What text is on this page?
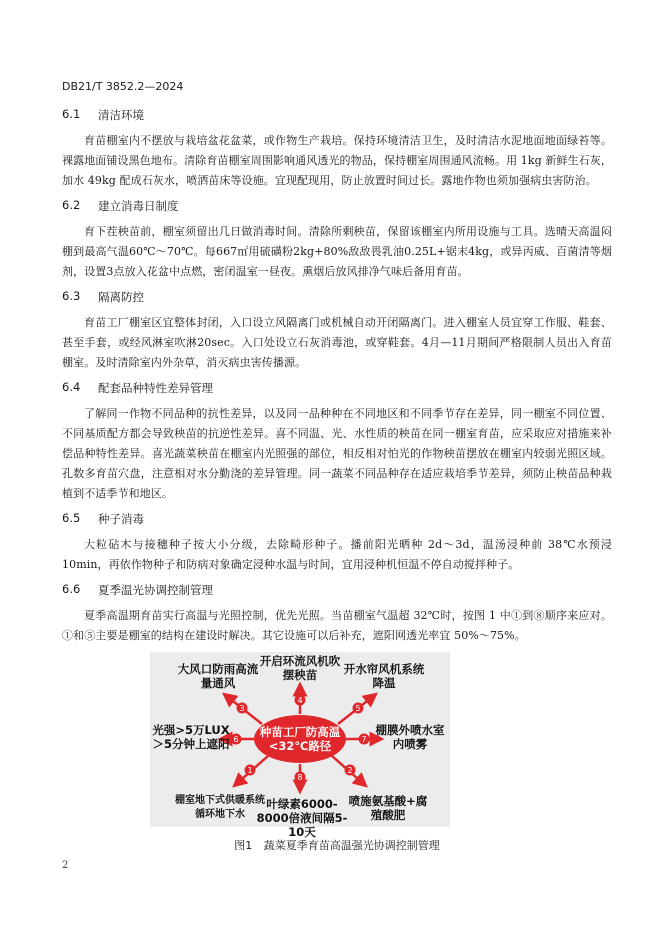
DB21/T 3852.2—2024
6.1	清洁环境

育苗棚室内不摆放与栽培盆花盆菜，或作物生产栽培。保持环境清洁卫生，及时清洁水泥地面地面绿苔等。裸露地面铺设黑色地布。清除育苗棚室周围影响通风透光的物品，保持棚室周围通风流畅。用 1kg 新鲜生石灰，加水 49kg 配成石灰水，喷洒苗床等设施。宜现配现用，防止放置时间过长。露地作物也须加强病虫害防治。

6.2	建立消毒日制度

育下茬秧苗前，棚室须留出几日做消毒时间。清除所剩秧苗，保留该棚室内所用设施与工具。选晴天高温闷棚到最高气温60℃～70℃。每667㎡用硫磺粉2kg+80%敌敌畏乳油0.25L+锯末4kg，或异丙威、百菌清等烟剂，设置3点放入花盆中点燃，密闭温室一昼夜。熏烟后放风排净气味后备用育苗。

6.3	隔离防控

育苗工厂棚室区宜整体封闭，入口设立风隔离门或机械自动开闭隔离门。进入棚室人员宜穿工作服、鞋套、甚至手套，或经风淋室吹淋20sec。入口处设立石灰消毒池，或穿鞋套。4月—11月期间严格限制人员出入育苗棚室。及时清除室内外杂草，消灭病虫害传播源。

6.4	配套品种特性差异管理

了解同一作物不同品种的抗性差异，以及同一品种种在不同地区和不同季节存在差异，同一棚室不同位置、不同基质配方都会导致秧苗的抗逆性差异。喜不同温、光、水性质的秧苗在同一棚室育苗，应采取应对措施来补偿品种特性差异。喜光蔬菜秧苗在棚室内光照强的部位，相反相对怕光的作物秧苗摆放在棚室内较弱光照区域。孔数多育苗穴盘，注意相对水分勤浇的差异管理。同一蔬菜不同品种存在适应栽培季节差异，须防止秧苗品种栽植到不适季节和地区。

6.5	种子消毒

大粒砧木与接穗种子按大小分级，去除畸形种子。播前阳光晒种 2d～3d，温汤浸种前 38℃水预浸 10min，再依作物种子和防病对象确定浸种水温与时间，宜用浸种机恒温不停自动搅拌种子。

6.6	夏季温光协调控制管理

夏季高温期育苗实行高温与光照控制，优先光照。当苗棚室气温超 32℃时，按图 1 中①到⑧顺序来应对。①和⑤主要是棚室的结构在建设时解决。其它设施可以后补充，遮阳网透光率宜 50%～75%。

3
4
5
6	7
1
8
2
种苗工厂防高温<32℃路径
大风口防雨高流量通风
开启环流风机吹摆秧苗	开水帘风机系统降温
光强>5万LUX＞5分钟上遮阳
棚膜外喷水室内喷雾
棚室地下式供暖系统循环地下水
叶绿素6000-8000倍液间隔5-10天
喷施氨基酸+腐殖酸肥
图1 蔬菜夏季育苗高温强光协调控制管理
2
